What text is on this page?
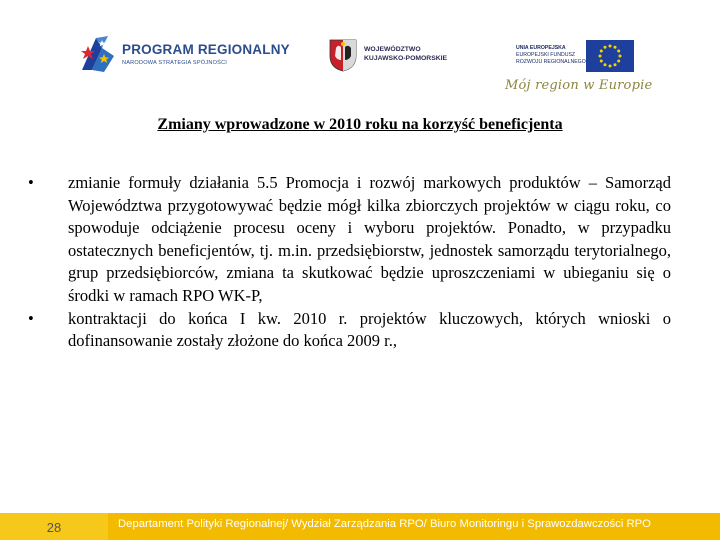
PROGRAM REGIONALNY
NARODOWA STRATEGIA SPÓJNOŚCI
WOJEWÓDZTWO
KUJAWSKO-POMORSKIE
UNIA EUROPEJSKA
EUROPEJSKI FUNDUSZ
ROZWOJU REGIONALNEGO
Mój region w Europie
Zmiany wprowadzone w 2010 roku na korzyść beneficjenta
• zmianie formuły działania 5.5 Promocja i rozwój markowych produktów – Samorząd Województwa przygotowywać będzie mógł kilka zbiorczych projektów w ciągu roku, co spowoduje odciążenie procesu oceny i wyboru projektów. Ponadto, w przypadku ostatecznych beneficjentów, tj. m.in. przedsiębiorstw, jednostek samorządu terytorialnego, grup przedsiębiorców, zmiana ta skutkować będzie uproszczeniami w ubieganiu się o środki w ramach RPO WK-P,
• kontraktacji do końca I kw. 2010 r. projektów kluczowych, których wnioski o dofinansowanie zostały złożone do końca 2009 r.,
28	Departament Polityki Regionalnej/ Wydział Zarządzania RPO/ Biuro Monitoringu i Sprawozdawczości RPO
